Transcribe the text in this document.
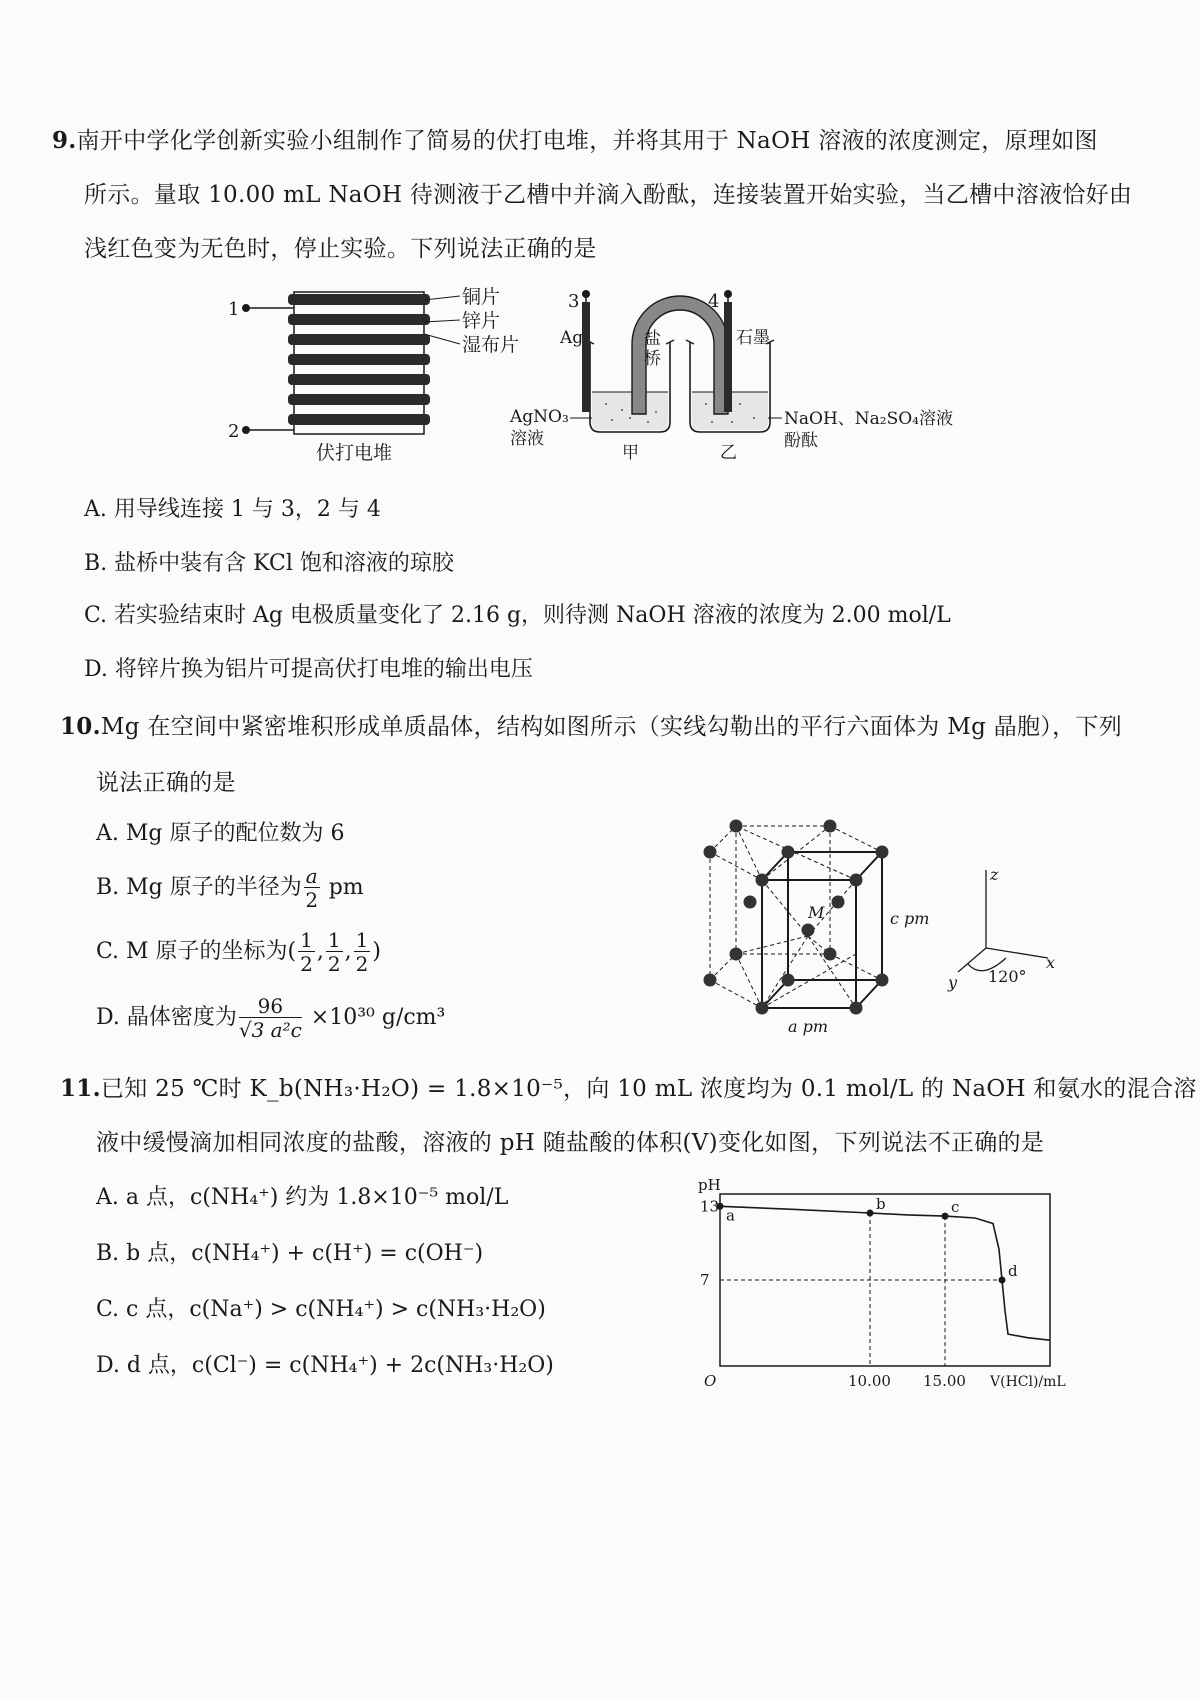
9.南开中学化学创新实验小组制作了简易的伏打电堆，并将其用于 NaOH 溶液的浓度测定，原理如图
所示。量取 10.00 mL NaOH 待测液于乙槽中并滴入酚酞，连接装置开始实验，当乙槽中溶液恰好由
浅红色变为无色时，停止实验。下列说法正确的是
1
2
铜片
锌片
湿布片
伏打电堆
3
Ag
4
石墨
盐
桥
AgNO₃
溶液
NaOH、Na₂SO₄溶液
酚酞
甲	乙
A. 用导线连接 1 与 3，2 与 4
B. 盐桥中装有含 KCl 饱和溶液的琼胶
C. 若实验结束时 Ag 电极质量变化了 2.16 g，则待测 NaOH 溶液的浓度为 2.00 mol/L
D. 将锌片换为铝片可提高伏打电堆的输出电压
10.Mg 在空间中紧密堆积形成单质晶体，结构如图所示（实线勾勒出的平行六面体为 Mg 晶胞），下列
说法正确的是
A. Mg 原子的配位数为 6
B. Mg 原子的半径为 $\frac{a}{2}$ pm
C. M 原子的坐标为( $\frac{1}{2}$ , $\frac{1}{2}$ , $\frac{1}{2}$ )
D. 晶体密度为 $\frac{96}{\text{√3 a²c}} \times 10^{30}$ g/cm³
M	c pm
a pm
z
x
y 120°
11.已知 25 ℃时 K_b(NH₃·H₂O) = 1.8×10⁻⁵，向 10 mL 浓度均为 0.1 mol/L 的 NaOH 和氨水的混合溶
液中缓慢滴加相同浓度的盐酸，溶液的 pH 随盐酸的体积(V)变化如图，下列说法不正确的是
A. a 点，c(NH₄⁺) 约为 1.8×10⁻⁵ mol/L
B. b 点，c(NH₄⁺) + c(H⁺) = c(OH⁻)
C. c 点，c(Na⁺) > c(NH₄⁺) > c(NH₃·H₂O)
D. d 点，c(Cl⁻) = c(NH₄⁺) + 2c(NH₃·H₂O)
a
b	c
d
pH
7
13
10.00 15.00
O	V(HCl)/mL
